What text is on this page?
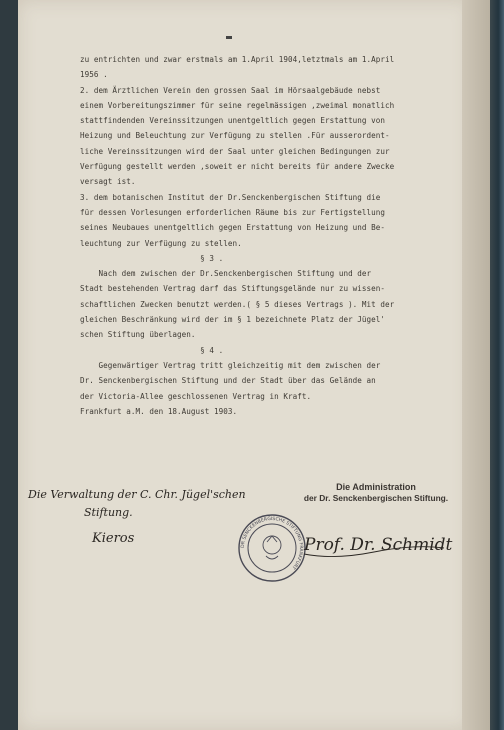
zu entrichten und zwar erstmals am 1.April 1904,letztmals am 1.April

1956 .

2. dem Ärztlichen Verein den grossen Saal im Hörsaalgebäude nebst

einem Vorbereitungszimmer für seine regelmässigen ,zweimal monatlich

stattfindenden Vereinssitzungen unentgeltlich gegen Erstattung von

Heizung und Beleuchtung zur Verfügung zu stellen .Für ausserordent-

liche Vereinssitzungen wird der Saal unter gleichen Bedingungen zur

Verfügung gestellt werden ,soweit er nicht bereits für andere Zwecke

versagt ist.

3. dem botanischen Institut der Dr.Senckenbergischen Stiftung die

für dessen Vorlesungen erforderlichen Räume bis zur Fertigstellung

seines Neubaues unentgeltlich gegen Erstattung von Heizung und Be-

leuchtung zur Verfügung zu stellen.

§ 3 .

Nach dem zwischen der Dr.Senckenbergischen Stiftung und der

Stadt bestehenden Vertrag darf das Stiftungsgelände nur zu wissen-

schaftlichen Zwecken benutzt werden.( § 5 dieses Vertrags ). Mit der

gleichen Beschränkung wird der im § 1 bezeichnete Platz der Jügel'

schen Stiftung überlagen.

§ 4 .

Gegenwärtiger Vertrag tritt gleichzeitig mit dem zwischen der

Dr. Senckenbergischen Stiftung und der Stadt über das Gelände an

der Victoria-Allee geschlossenen Vertrag in Kraft.

Frankfurt a.M. den 18.August 1903.

Die Verwaltung der C. Chr. Jügel'schen
Stiftung.
Kieros
Die Administration
der Dr. Senckenbergischen Stiftung.
DR SENCKENBERGISCHE STIFTUNG FRANKFURT
Prof. Dr. Schmidt
